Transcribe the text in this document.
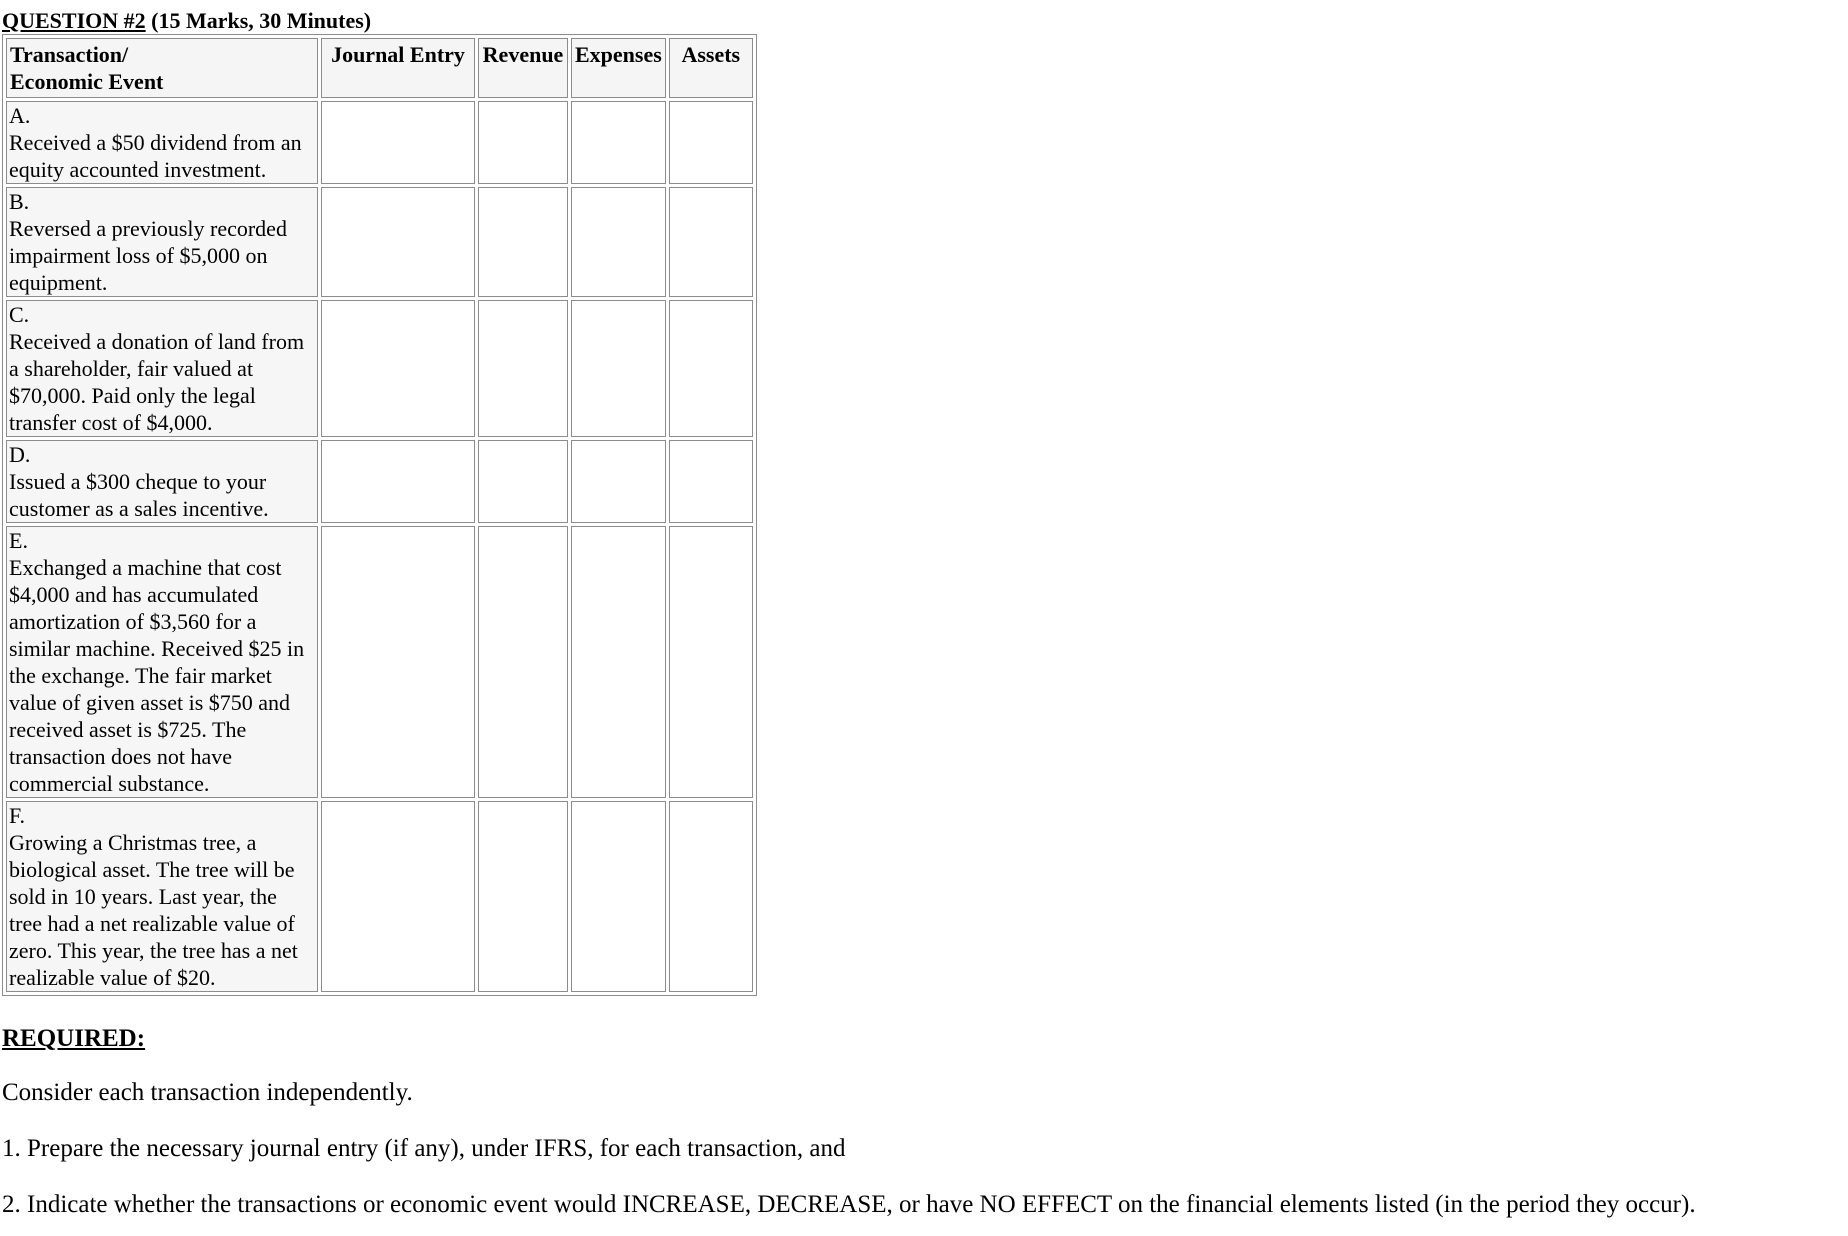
QUESTION #2 (15 Marks, 30 Minutes)
Transaction/
Economic Event	Journal Entry	Revenue	Expenses	Assets

A.
Received a $50 dividend from an equity accounted investment.				

B.
Reversed a previously recorded impairment loss of $5,000 on equipment.				

C.
Received a donation of land from a shareholder, fair valued at $70,000. Paid only the legal transfer cost of $4,000.				

D.
Issued a $300 cheque to your customer as a sales incentive.				

E.
Exchanged a machine that cost $4,000 and has accumulated amortization of $3,560 for a similar machine. Received $25 in the exchange. The fair market value of given asset is $750 and received asset is $725. The transaction does not have commercial substance.				

F.
Growing a Christmas tree, a biological asset. The tree will be sold in 10 years. Last year, the tree had a net realizable value of zero. This year, the tree has a net realizable value of $20.				

REQUIRED:
Consider each transaction independently.
1. Prepare the necessary journal entry (if any), under IFRS, for each transaction, and
2. Indicate whether the transactions or economic event would INCREASE, DECREASE, or have NO EFFECT on the financial elements listed (in the period they occur).
